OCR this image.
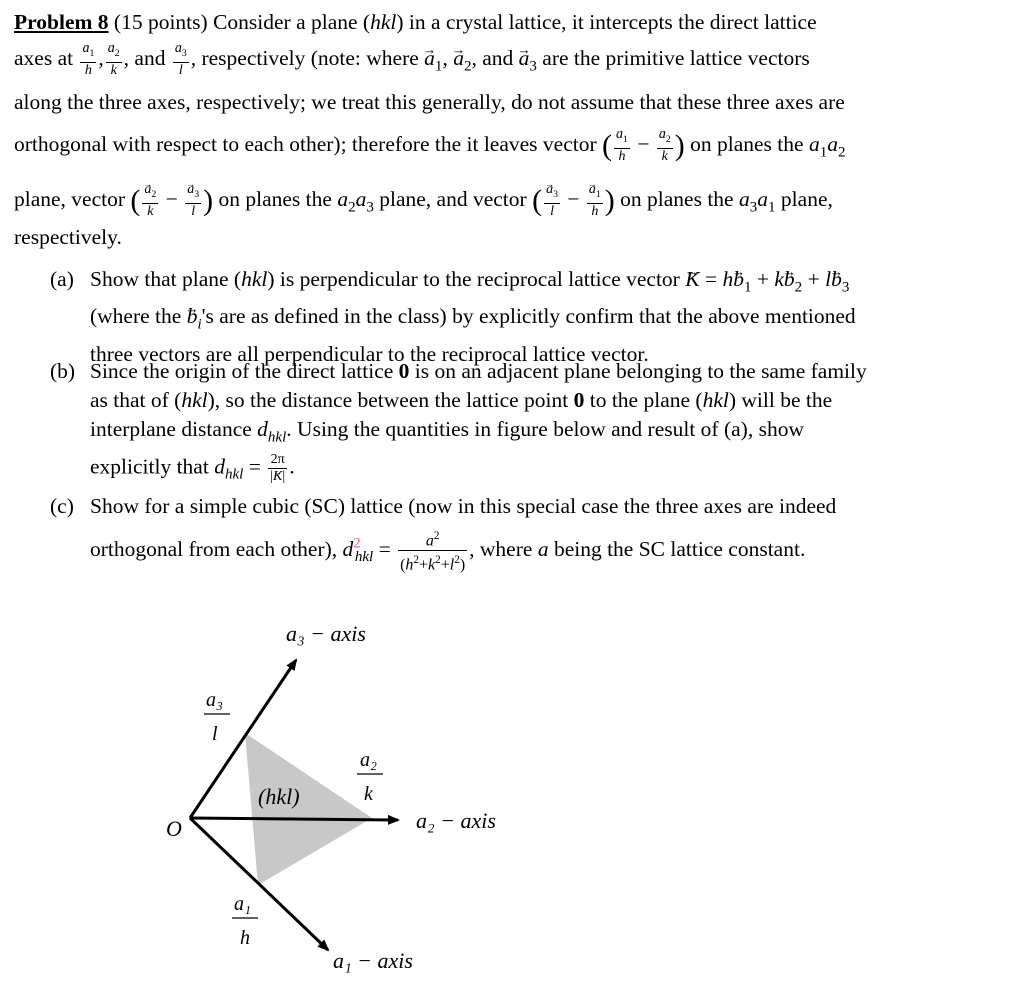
Problem 8 (15 points) Consider a plane (hkl) in a crystal lattice, it intercepts the direct lattice
axes at → $\frac{a_1}{h}$ , → $\frac{a_2}{k}$ , and → $\frac{a_3}{l}$ , respectively (note: where → $a_1$, → $a_2$, and → $a_3$ are the primitive lattice vectors
along the three axes, respectively; we treat this generally, do not assume that these three axes are
orthogonal with respect to each other); therefore the it leaves vector ( → $\frac{a_1}{h}$ − → $\frac{a_2}{k}$ ) on planes the $a_1a_2$
plane, vector ( → $\frac{a_2}{k}$ − → $\frac{a_3}{l}$ ) on planes the $a_2a_3$ plane, and vector ( → $\frac{a_3}{l}$ − → $\frac{a_1}{h}$ ) on planes the $a_3a_1$ plane,
respectively.
(a) Show that plane (hkl) is perpendicular to the reciprocal lattice vector → $K = h\to b_1 + k\to b_2 + l\to b_3$
(where the → $b_i's$ are as defined in the class) by explicitly confirm that the above mentioned
three vectors are all perpendicular to the reciprocal lattice vector.
(b) Since the origin of the direct lattice 0 is on an adjacent plane belonging to the same family
as that of (hkl), so the distance between the lattice point 0 to the plane (hkl) will be the
interplane distance $d_{hkl}$. Using the quantities in figure below and result of (a), show
explicitly that $d_{hkl} = \frac{2\pi}{|\to K|}$ .
(c) Show for a simple cubic (SC) lattice (now in this special case the three axes are indeed
orthogonal from each other), $d^2_{hkl} = \frac{a^2}{(h^2+k^2+l^2)}$ , where a being the SC lattice constant.
a₃ − axis
a₂ − axis
a₁ − axis
O
(hkl)
a₃
l
a₂
k
a₁
h
